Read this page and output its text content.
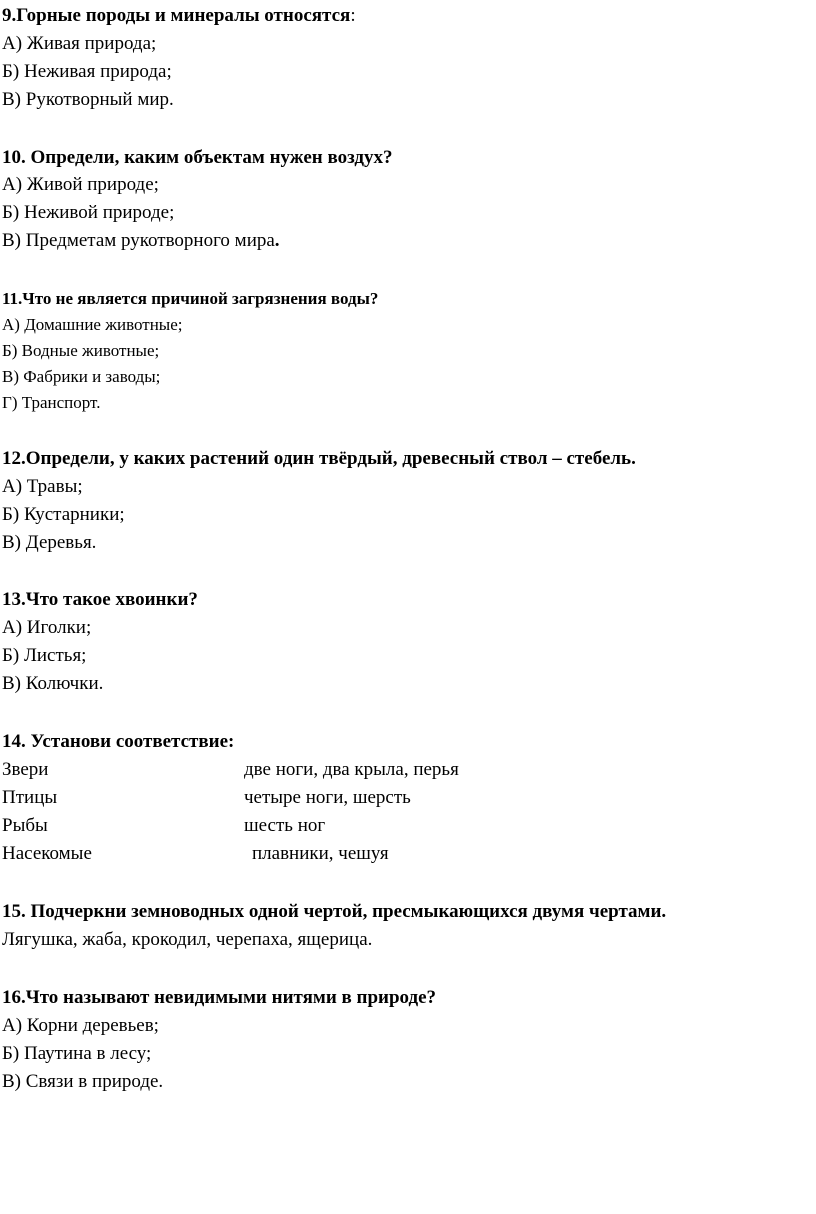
9.Горные породы и минералы относятся:
А) Живая природа;
Б) Неживая природа;
В) Рукотворный мир.
10. Определи, каким объектам нужен воздух?
А) Живой природе;
Б) Неживой природе;
В) Предметам рукотворного мира.
11.Что не является причиной загрязнения воды?
А) Домашние животные;
Б) Водные животные;
В) Фабрики и заводы;
Г) Транспорт.
12.Определи, у каких растений один твёрдый, древесный ствол – стебель.
А) Травы;
Б) Кустарники;
В) Деревья.
13.Что такое хвоинки?
А) Иголки;
Б) Листья;
В) Колючки.
14. Установи соответствие:
Звери	две ноги, два крыла, перья
Птицы	четыре ноги, шерсть
Рыбы	шесть ног
Насекомые	плавники, чешуя
15. Подчеркни земноводных одной чертой, пресмыкающихся двумя чертами.
Лягушка, жаба, крокодил, черепаха, ящерица.
16.Что называют невидимыми нитями в природе?
А) Корни деревьев;
Б) Паутина в лесу;
В) Связи в природе.
